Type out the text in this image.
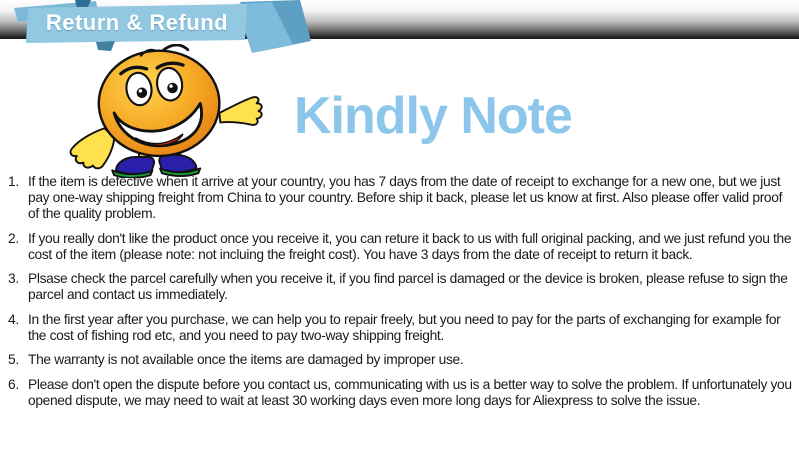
Return & Refund
Kindly Note
1. If the item is defective when it arrive at your country, you has 7 days from the date of receipt to exchange for a new one, but we just pay one-way shipping freight from China to your country. Before ship it back, please let us know at first. Also please offer valid proof of the quality problem.
2. If you really don't like the product once you receive it, you can reture it back to us with full original packing, and we just refund you the cost of the item (please note: not incluing the freight cost). You have 3 days from the date of receipt to return it back.
3. Plsase check the parcel carefully when you receive it, if you find parcel is damaged or the device is broken, please refuse to sign the parcel and contact us immediately.
4. In the first year after you purchase, we can help you to repair freely, but you need to pay for the parts of exchanging for example for the cost of fishing rod etc, and you need to pay two-way shipping freight.
5. The warranty is not available once the items are damaged by improper use.
6. Please don't open the dispute before you contact us, communicating with us is a better way to solve the problem. If unfortunately you opened dispute, we may need to wait at least 30 working days even more long days for Aliexpress to solve the issue.
